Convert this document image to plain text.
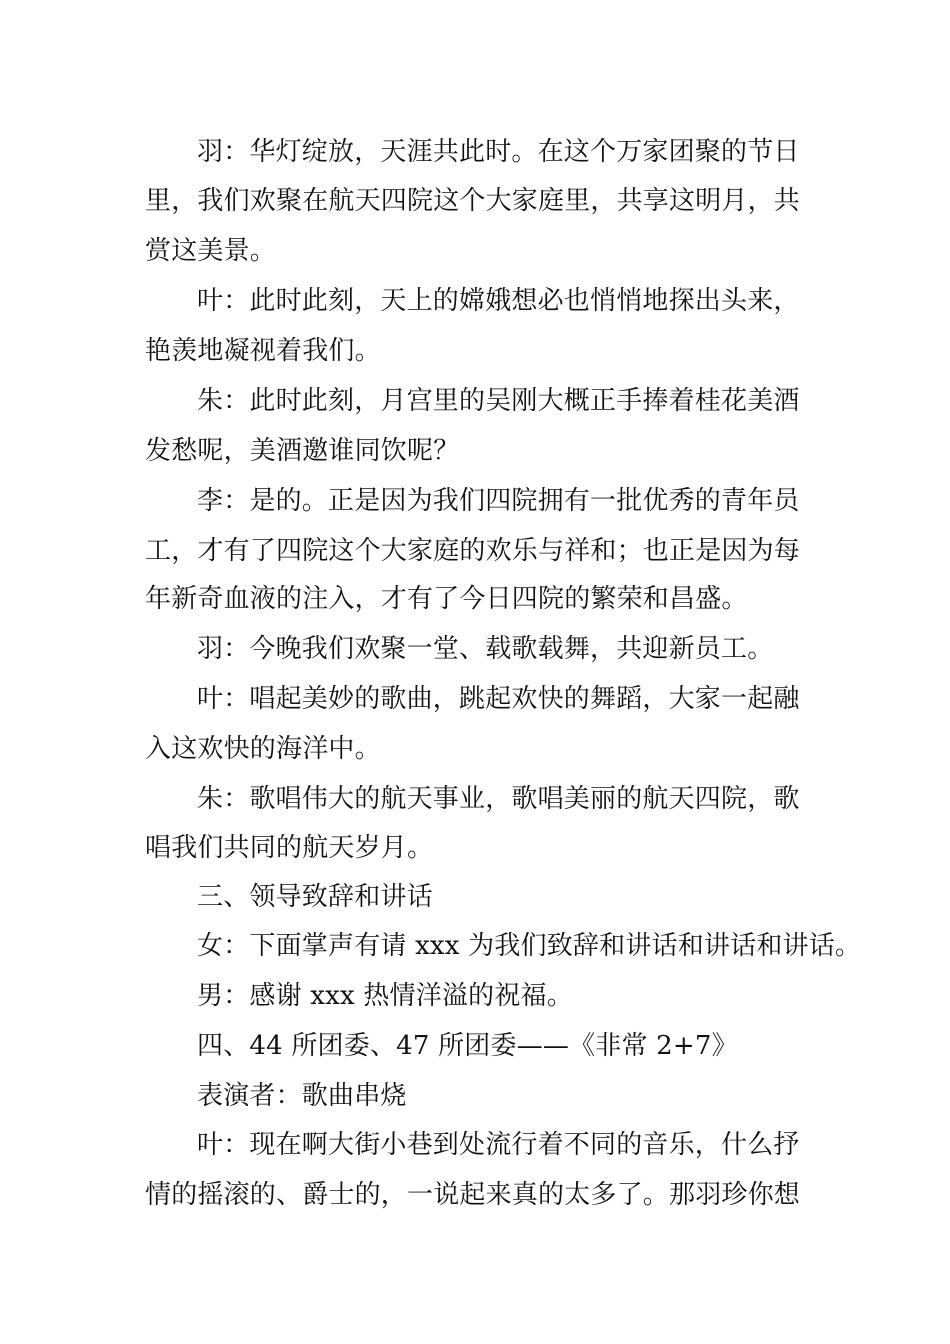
羽：华灯绽放，天涯共此时。在这个万家团聚的节日
里，我们欢聚在航天四院这个大家庭里，共享这明月，共
赏这美景。
叶：此时此刻，天上的嫦娥想必也悄悄地探出头来，
艳羡地凝视着我们。
朱：此时此刻，月宫里的吴刚大概正手捧着桂花美酒
发愁呢，美酒邀谁同饮呢？
李：是的。正是因为我们四院拥有一批优秀的青年员
工，才有了四院这个大家庭的欢乐与祥和；也正是因为每
年新奇血液的注入，才有了今日四院的繁荣和昌盛。
羽：今晚我们欢聚一堂、载歌载舞，共迎新员工。
叶：唱起美妙的歌曲，跳起欢快的舞蹈，大家一起融
入这欢快的海洋中。
朱：歌唱伟大的航天事业，歌唱美丽的航天四院，歌
唱我们共同的航天岁月。
三、领导致辞和讲话
女：下面掌声有请 xxx 为我们致辞和讲话和讲话和讲话。
男：感谢 xxx 热情洋溢的祝福。
四、44 所团委、47 所团委——《非常 2+7》
表演者：歌曲串烧
叶：现在啊大街小巷到处流行着不同的音乐，什么抒
情的摇滚的、爵士的，一说起来真的太多了。那羽珍你想
